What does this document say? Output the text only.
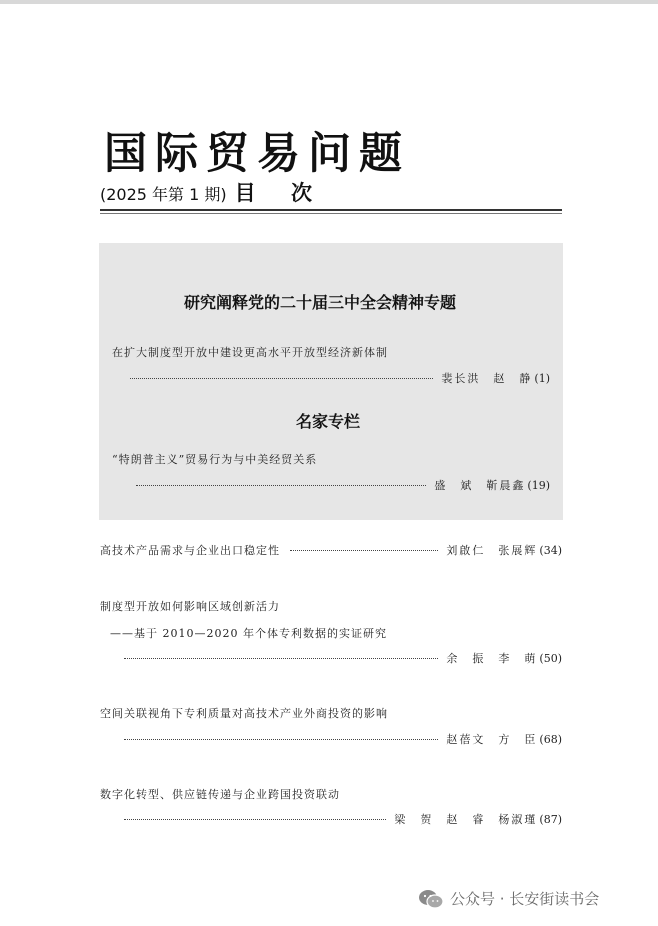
国际贸易问题
(2025 年第 1 期) 目 次
研究阐释党的二十届三中全会精神专题
在扩大制度型开放中建设更高水平开放型经济新体制
裴长洪　赵　静 (1)
名家专栏
“特朗普主义”贸易行为与中美经贸关系
盛　斌　靳晨鑫 (19)
高技术产品需求与企业出口稳定性	刘啟仁　张展辉 (34)
制度型开放如何影响区域创新活力
——基于 2010—2020 年个体专利数据的实证研究
余　振　李　萌 (50)
空间关联视角下专利质量对高技术产业外商投资的影响
赵蓓文　方　臣 (68)
数字化转型、供应链传递与企业跨国投资联动
梁　贺　赵　睿　杨淑瑾 (87)
公众号 · 长安街读书会
